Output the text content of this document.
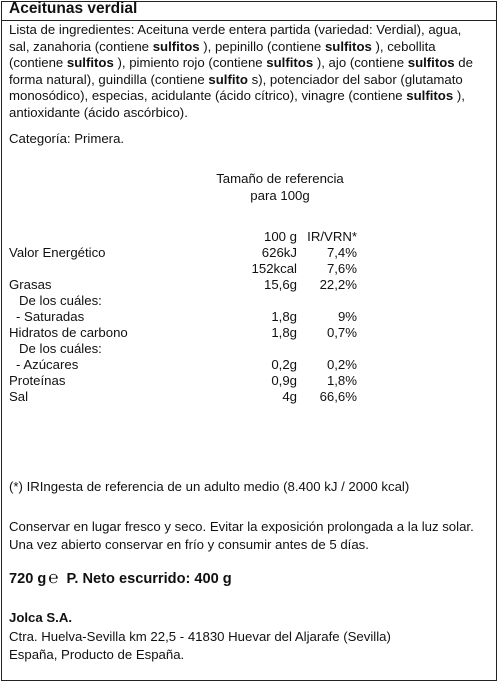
Aceitunas verdial
Lista de ingredientes: Aceituna verde entera partida (variedad: Verdial), agua, sal, zanahoria (contiene sulfitos ), pepinillo (contiene sulfitos ), cebollita (contiene sulfitos ), pimiento rojo (contiene sulfitos ), ajo (contiene sulfitos de forma natural), guindilla (contiene sulfito s), potenciador del sabor (glutamato monosódico), especias, acidulante (ácido cítrico), vinagre (contiene sulfitos ), antioxidante (ácido ascórbico).
Categoría: Primera.
Tamaño de referencia
para 100g
100 g IR/VRN*
Valor Energético	626kJ 7,4%
152kcal 7,6%
Grasas	15,6g 22,2%
De los cuáles:
- Saturadas	1,8g	9%
Hidratos de carbono	1,8g 0,7%
De los cuáles:
- Azúcares	0,2g 0,2%
Proteínas	0,9g 1,8%
Sal	4g 66,6%
(*) IRIngesta de referencia de un adulto medio (8.400 kJ / 2000 kcal)
Conservar en lugar fresco y seco. Evitar la exposición prolongada a la luz solar.
Una vez abierto conservar en frío y consumir antes de 5 días.
720 g ℮ P. Neto escurrido: 400 g
Jolca S.A.
Ctra. Huelva-Sevilla km 22,5 - 41830 Huevar del Aljarafe (Sevilla)
España, Producto de España.
